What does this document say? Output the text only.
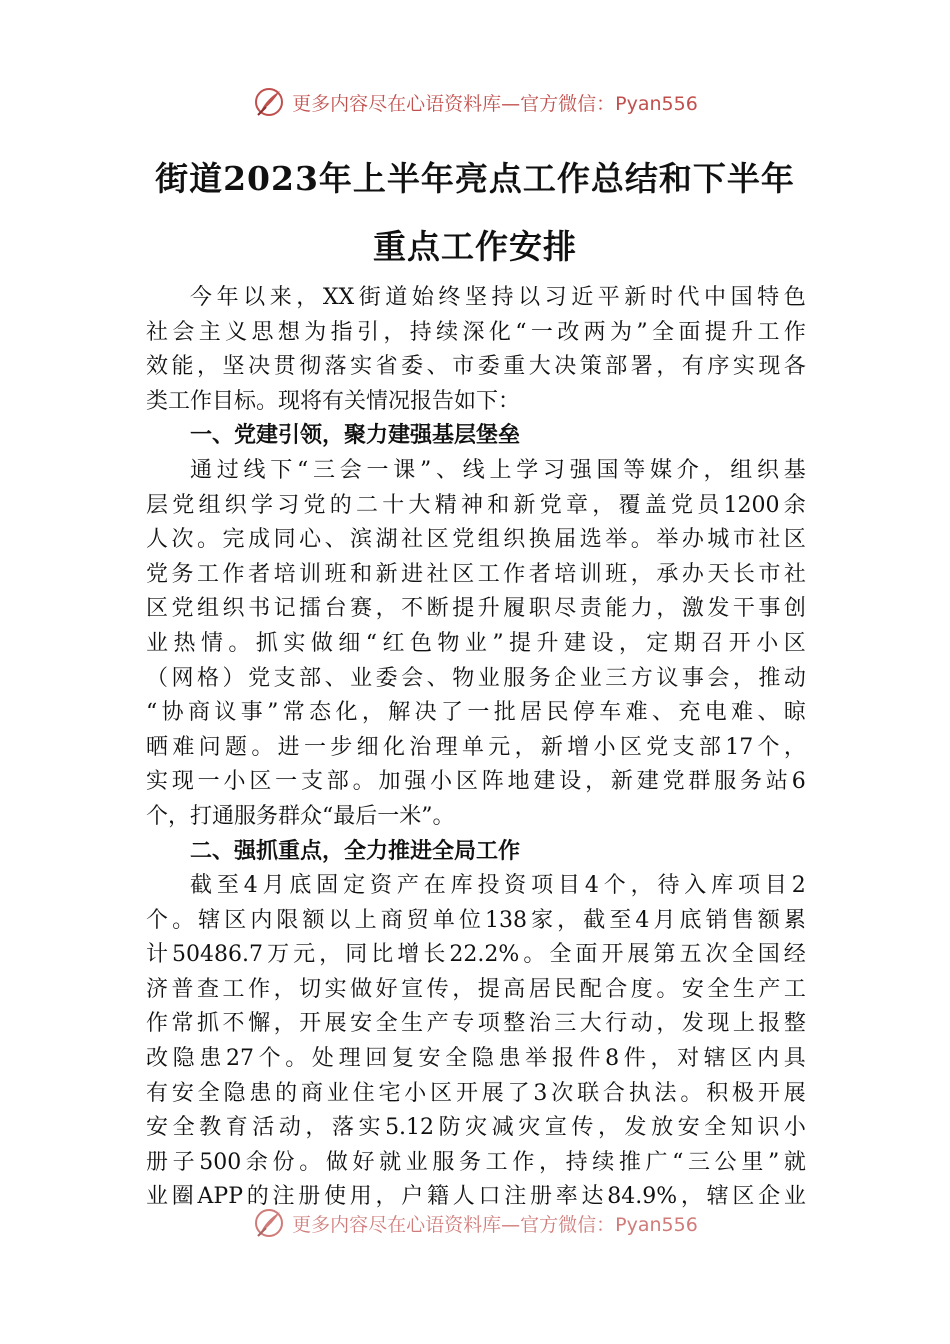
更多内容尽在心语资料库—官方微信：Pyan556
街道2023年上半年亮点工作总结和下半年
重点工作安排
今 年 以 来 ， XX 街 道 始 终 坚 持 以 习 近 平 新 时 代 中 国 特 色
社 会 主 义 思 想 为 指 引 ， 持 续 深 化 “ 一 改 两 为 ” 全 面 提 升 工 作
效 能 ， 坚 决 贯 彻 落 实 省 委 、 市 委 重 大 决 策 部 署 ， 有 序 实 现 各
类工作目标。现将有关情况报告如下：
一、党建引领，聚力建强基层堡垒
通 过 线 下 “ 三 会 一 课 ” 、 线 上 学 习 强 国 等 媒 介 ， 组 织 基
层 党 组 织 学 习 党 的 二 十 大 精 神 和 新 党 章 ， 覆 盖 党 员 1200 余
人 次 。 完 成 同 心 、 滨 湖 社 区 党 组 织 换 届 选 举 。 举 办 城 市 社 区
党 务 工 作 者 培 训 班 和 新 进 社 区 工 作 者 培 训 班 ， 承 办 天 长 市 社
区 党 组 织 书 记 擂 台 赛 ， 不 断 提 升 履 职 尽 责 能 力 ， 激 发 干 事 创
业 热 情 。 抓 实 做 细 “ 红 色 物 业 ” 提 升 建 设 ， 定 期 召 开 小 区
（ 网 格 ） 党 支 部 、 业 委 会 、 物 业 服 务 企 业 三 方 议 事 会 ， 推 动
“ 协 商 议 事 ” 常 态 化 ， 解 决 了 一 批 居 民 停 车 难 、 充 电 难 、 晾
晒 难 问 题 。 进 一 步 细 化 治 理 单 元 ， 新 增 小 区 党 支 部 17 个 ，
实 现 一 小 区 一 支 部 。 加 强 小 区 阵 地 建 设 ， 新 建 党 群 服 务 站 6
个，打通服务群众“最后一米”。
二、强抓重点，全力推进全局工作
截 至 4 月 底 固 定 资 产 在 库 投 资 项 目 4 个 ， 待 入 库 项 目 2
个 。 辖 区 内 限 额 以 上 商 贸 单 位 138 家 ， 截 至 4 月 底 销 售 额 累
计 50486.7 万 元 ， 同 比 增 长 22.2% 。 全 面 开 展 第 五 次 全 国 经
济 普 查 工 作 ， 切 实 做 好 宣 传 ， 提 高 居 民 配 合 度 。 安 全 生 产 工
作 常 抓 不 懈 ， 开 展 安 全 生 产 专 项 整 治 三 大 行 动 ， 发 现 上 报 整
改 隐 患 27 个 。 处 理 回 复 安 全 隐 患 举 报 件 8 件 ， 对 辖 区 内 具
有 安 全 隐 患 的 商 业 住 宅 小 区 开 展 了 3 次 联 合 执 法 。 积 极 开 展
安 全 教 育 活 动 ， 落 实 5.12 防 灾 减 灾 宣 传 ， 发 放 安 全 知 识 小
册 子 500 余 份 。 做 好 就 业 服 务 工 作 ， 持 续 推 广 “ 三 公 里 ” 就
业 圈 APP 的 注 册 使 用 ， 户 籍 人 口 注 册 率 达 84.9% ， 辖 区 企 业
更多内容尽在心语资料库—官方微信：Pyan556
